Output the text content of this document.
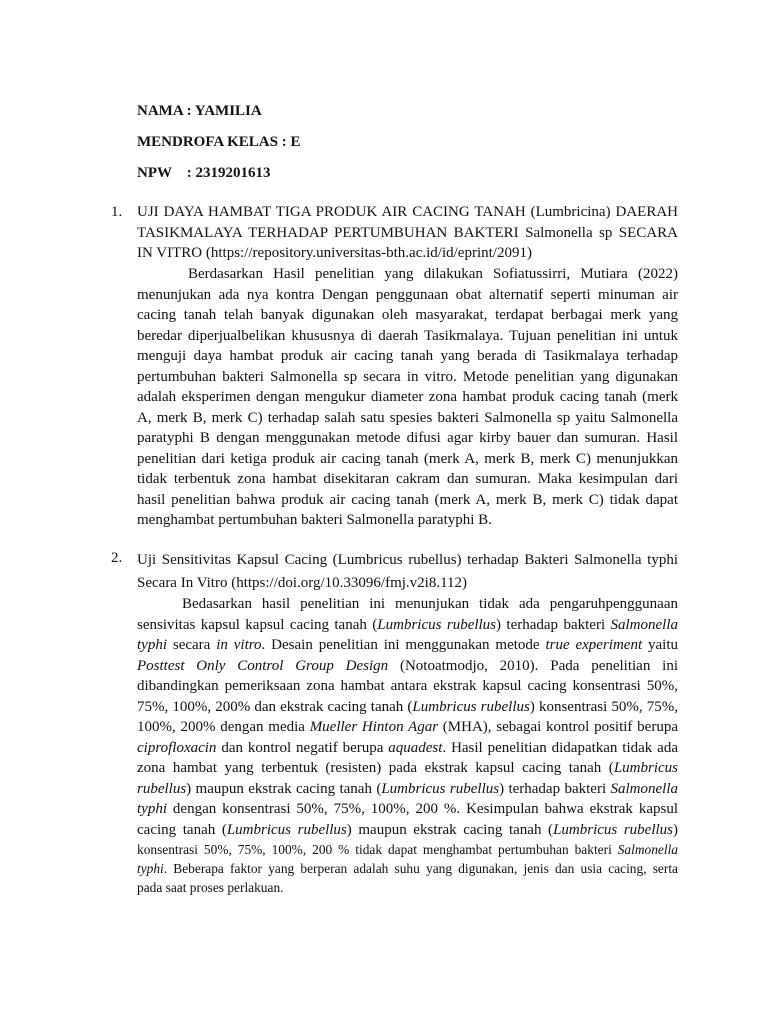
NAMA : YAMILIA
MENDROFA KELAS : E
NPW    : 2319201613
1. UJI DAYA HAMBAT TIGA PRODUK AIR CACING TANAH (Lumbricina) DAERAH
TASIKMALAYA TERHADAP PERTUMBUHAN BAKTERI Salmonella sp SECARA
IN VITRO (https://repository.universitas-bth.ac.id/id/eprint/2091)
Berdasarkan Hasil penelitian yang dilakukan Sofiatussirri, Mutiara (2022)
menunjukan ada nya kontra Dengan penggunaan obat alternatif seperti minuman air
cacing tanah telah banyak digunakan oleh masyarakat, terdapat berbagai merk yang
beredar diperjualbelikan khususnya di daerah Tasikmalaya. Tujuan penelitian ini untuk
menguji daya hambat produk air cacing tanah yang berada di Tasikmalaya terhadap
pertumbuhan bakteri Salmonella sp secara in vitro. Metode penelitian yang digunakan
adalah eksperimen dengan mengukur diameter zona hambat produk cacing tanah (merk
A, merk B, merk C) terhadap salah satu spesies bakteri Salmonella sp yaitu Salmonella
paratyphi B dengan menggunakan metode difusi agar kirby bauer dan sumuran. Hasil
penelitian dari ketiga produk air cacing tanah (merk A, merk B, merk C) menunjukkan
tidak terbentuk zona hambat disekitaran cakram dan sumuran. Maka kesimpulan dari
hasil penelitian bahwa produk air cacing tanah (merk A, merk B, merk C) tidak dapat
menghambat pertumbuhan bakteri Salmonella paratyphi B.
2. Uji Sensitivitas Kapsul Cacing (Lumbricus rubellus) terhadap Bakteri Salmonella typhi
Secara In Vitro (https://doi.org/10.33096/fmj.v2i8.112)
Bedasarkan hasil penelitian ini menunjukan tidak ada pengaruhpenggunaan
sensivitas kapsul kapsul cacing tanah (Lumbricus rubellus) terhadap bakteri Salmonella
typhi secara in vitro. Desain penelitian ini menggunakan metode true experiment yaitu
Posttest Only Control Group Design (Notoatmodjo, 2010). Pada penelitian ini
dibandingkan pemeriksaan zona hambat antara ekstrak kapsul cacing konsentrasi 50%,
75%, 100%, 200% dan ekstrak cacing tanah (Lumbricus rubellus) konsentrasi 50%, 75%,
100%, 200% dengan media Mueller Hinton Agar (MHA), sebagai kontrol positif berupa
ciprofloxacin dan kontrol negatif berupa aquadest. Hasil penelitian didapatkan tidak ada
zona hambat yang terbentuk (resisten) pada ekstrak kapsul cacing tanah (Lumbricus
rubellus) maupun ekstrak cacing tanah (Lumbricus rubellus) terhadap bakteri Salmonella
typhi dengan konsentrasi 50%, 75%, 100%, 200 %. Kesimpulan bahwa ekstrak kapsul
cacing tanah (Lumbricus rubellus) maupun ekstrak cacing tanah (Lumbricus rubellus)
konsentrasi 50%, 75%, 100%, 200 % tidak dapat menghambat pertumbuhan bakteri Salmonella
typhi. Beberapa faktor yang berperan adalah suhu yang digunakan, jenis dan usia cacing, serta
pada saat proses perlakuan.
